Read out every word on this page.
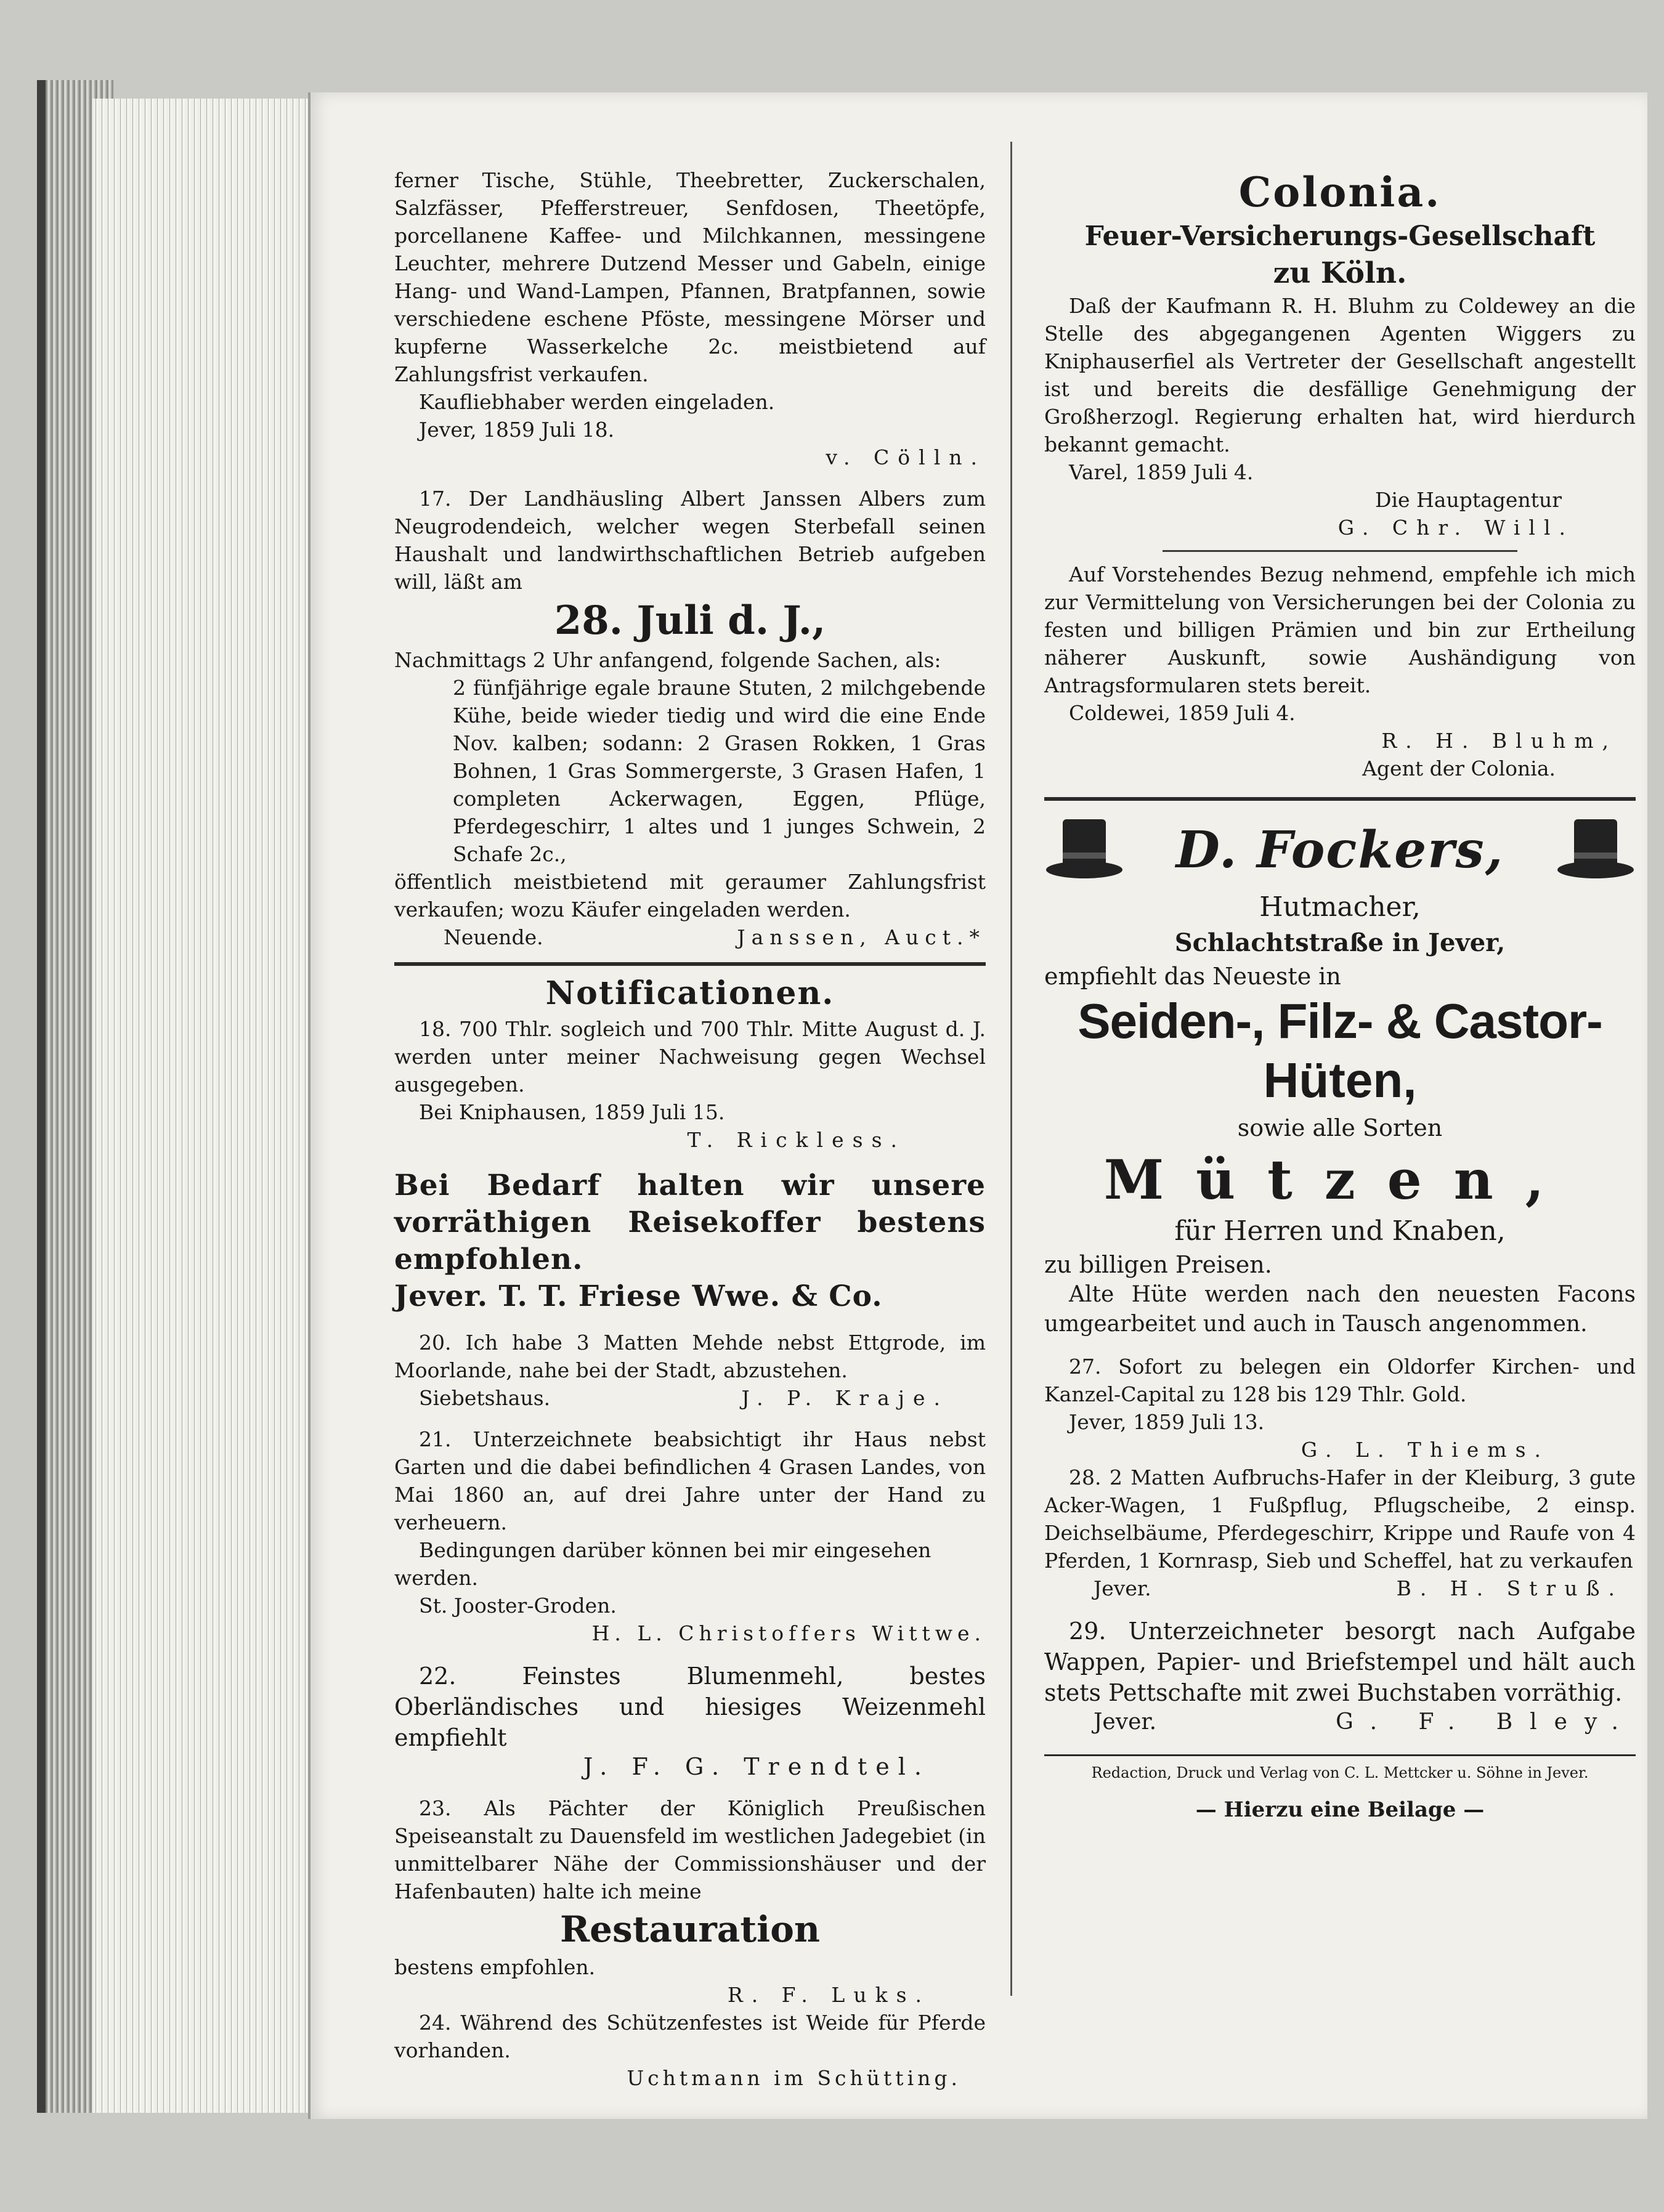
ferner Tische, Stühle, Theebretter, Zuckerschalen, Salzfässer, Pfefferstreuer, Senfdosen, Theetöpfe, porcellanene Kaffee- und Milchkannen, messingene Leuchter, mehrere Dutzend Messer und Gabeln, einige Hang- und Wand-Lampen, Pfannen, Bratpfannen, sowie verschiedene eschene Pföste, messingene Mörser und kupferne Wasserkelche 2c. meistbietend auf Zahlungsfrist verkaufen.

Kaufliebhaber werden eingeladen.

Jever, 1859 Juli 18.

v. Cölln.

17. Der Landhäusling Albert Janssen Albers zum Neugrodendeich, welcher wegen Sterbefall seinen Haushalt und landwirthschaftlichen Betrieb aufgeben will, läßt am

28. Juli d. J.,

Nachmittags 2 Uhr anfangend, folgende Sachen, als:

2 fünfjährige egale braune Stuten, 2 milchgebende Kühe, beide wieder tiedig und wird die eine Ende Nov. kalben; sodann: 2 Grasen Rokken, 1 Gras Bohnen, 1 Gras Sommergerste, 3 Grasen Hafen, 1 completen Ackerwagen, Eggen, Pflüge, Pferdegeschirr, 1 altes und 1 junges Schwein, 2 Schafe 2c.,

öffentlich meistbietend mit geraumer Zahlungsfrist verkaufen; wozu Käufer eingeladen werden.

Neuende.	Janssen, Auct.*

Notificationen.

18. 700 Thlr. sogleich und 700 Thlr. Mitte August d. J. werden unter meiner Nachweisung gegen Wechsel ausgegeben.

Bei Kniphausen, 1859 Juli 15.

T. Rickless.

Bei Bedarf halten wir unsere vorräthigen Reisekoffer bestens empfohlen.

Jever. T. T. Friese Wwe. & Co.

20. Ich habe 3 Matten Mehde nebst Ettgrode, im Moorlande, nahe bei der Stadt, abzustehen.

Siebetshaus.	J. P. Kraje.

21. Unterzeichnete beabsichtigt ihr Haus nebst Garten und die dabei befindlichen 4 Grasen Landes, von Mai 1860 an, auf drei Jahre unter der Hand zu verheuern.

Bedingungen darüber können bei mir eingesehen werden.

St. Jooster-Groden.

H. L. Christoffers Wittwe.

22. Feinstes Blumenmehl, bestes Oberländisches und hiesiges Weizenmehl empfiehlt

J. F. G. Trendtel.

23. Als Pächter der Königlich Preußischen Speiseanstalt zu Dauensfeld im westlichen Jadegebiet (in unmittelbarer Nähe der Commissionshäuser und der Hafenbauten) halte ich meine

Restauration

bestens empfohlen.

R. F. Luks.

24. Während des Schützenfestes ist Weide für Pferde vorhanden.

Uchtmann im Schütting.

Colonia.

Feuer-Versicherungs-Gesellschaft

zu Köln.

Daß der Kaufmann R. H. Bluhm zu Coldewey an die Stelle des abgegangenen Agenten Wiggers zu Kniphauserfiel als Vertreter der Gesellschaft angestellt ist und bereits die desfällige Genehmigung der Großherzogl. Regierung erhalten hat, wird hierdurch bekannt gemacht.

Varel, 1859 Juli 4.

Die Hauptagentur

G. Chr. Will.

Auf Vorstehendes Bezug nehmend, empfehle ich mich zur Vermittelung von Versicherungen bei der Colonia zu festen und billigen Prämien und bin zur Ertheilung näherer Auskunft, sowie Aushändigung von Antragsformularen stets bereit.

Coldewei, 1859 Juli 4.

R. H. Bluhm,

Agent der Colonia.

D. Fockers,

Hutmacher,

Schlachtstraße in Jever,

empfiehlt das Neueste in

Seiden-, Filz- & Castor-

Hüten,

sowie alle Sorten

Mützen,

für Herren und Knaben,

zu billigen Preisen.

Alte Hüte werden nach den neuesten Facons umgearbeitet und auch in Tausch angenommen.

27. Sofort zu belegen ein Oldorfer Kirchen- und Kanzel-Capital zu 128 bis 129 Thlr. Gold.

Jever, 1859 Juli 13.

G. L. Thiems.

28. 2 Matten Aufbruchs-Hafer in der Kleiburg, 3 gute Acker-Wagen, 1 Fußpflug, Pflugscheibe, 2 einsp. Deichselbäume, Pferdegeschirr, Krippe und Raufe von 4 Pferden, 1 Kornrasp, Sieb und Scheffel, hat zu verkaufen

Jever.	B. H. Struß.

29. Unterzeichneter besorgt nach Aufgabe Wappen, Papier- und Briefstempel und hält auch stets Pettschafte mit zwei Buchstaben vorräthig.

Jever.	G. F. Bley.

Redaction, Druck und Verlag von C. L. Mettcker u. Söhne in Jever.

— Hierzu eine Beilage —
